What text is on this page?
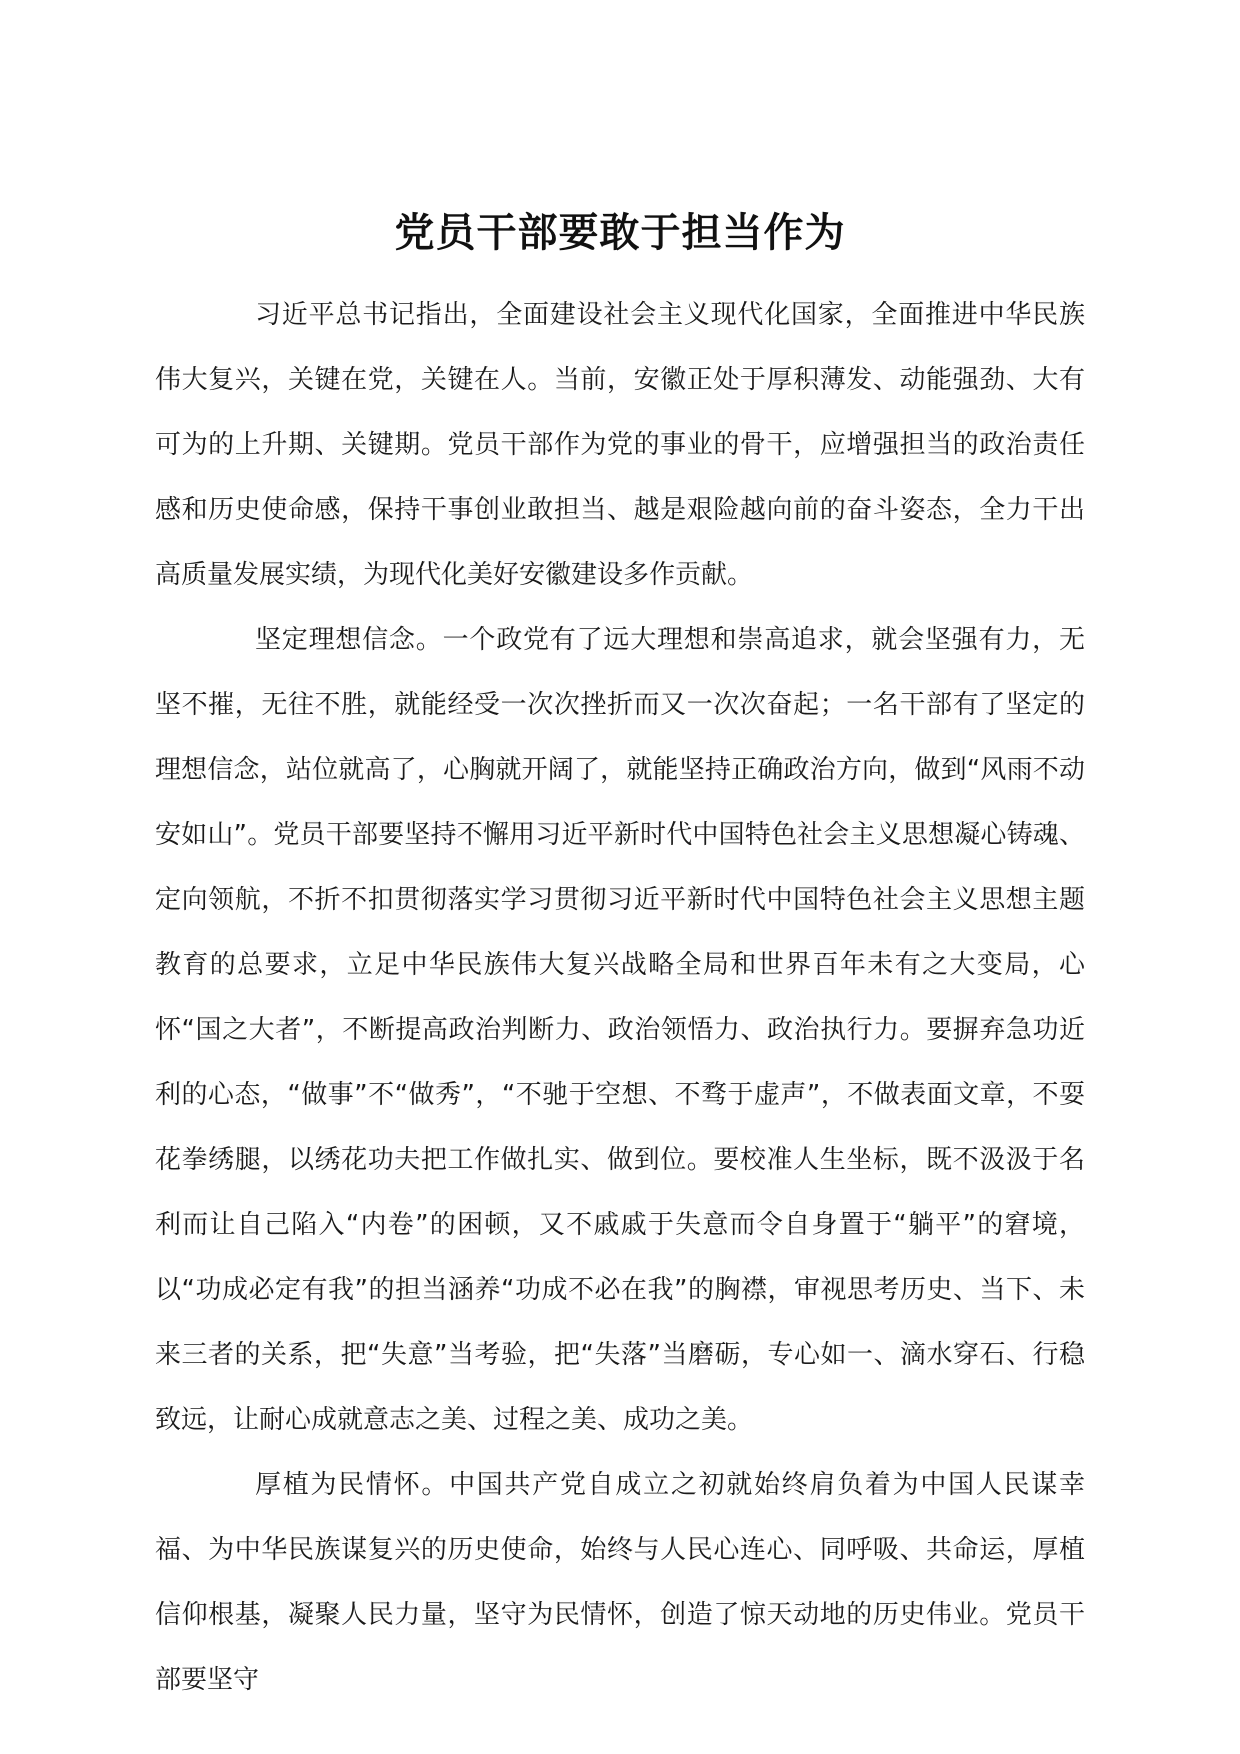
党员干部要敢于担当作为

习近平总书记指出，全面建设社会主义现代化国家，全面推进中华民族伟大复兴，关键在党，关键在人。当前，安徽正处于厚积薄发、动能强劲、大有可为的上升期、关键期。党员干部作为党的事业的骨干，应增强担当的政治责任感和历史使命感，保持干事创业敢担当、越是艰险越向前的奋斗姿态，全力干出高质量发展实绩，为现代化美好安徽建设多作贡献。

坚定理想信念。一个政党有了远大理想和崇高追求，就会坚强有力，无坚不摧，无往不胜，就能经受一次次挫折而又一次次奋起；一名干部有了坚定的理想信念，站位就高了，心胸就开阔了，就能坚持正确政治方向，做到“风雨不动安如山”。党员干部要坚持不懈用习近平新时代中国特色社会主义思想凝心铸魂、定向领航，不折不扣贯彻落实学习贯彻习近平新时代中国特色社会主义思想主题教育的总要求，立足中华民族伟大复兴战略全局和世界百年未有之大变局，心怀“国之大者”，不断提高政治判断力、政治领悟力、政治执行力。要摒弃急功近利的心态，“做事”不“做秀”，“不驰于空想、不骛于虚声”，不做表面文章，不耍花拳绣腿，以绣花功夫把工作做扎实、做到位。要校准人生坐标，既不汲汲于名利而让自己陷入“内卷”的困顿，又不戚戚于失意而令自身置于“躺平”的窘境，以“功成必定有我”的担当涵养“功成不必在我”的胸襟，审视思考历史、当下、未来三者的关系，把“失意”当考验，把“失落”当磨砺，专心如一、滴水穿石、行稳致远，让耐心成就意志之美、过程之美、成功之美。

厚植为民情怀。中国共产党自成立之初就始终肩负着为中国人民谋幸福、为中华民族谋复兴的历史使命，始终与人民心连心、同呼吸、共命运，厚植信仰根基，凝聚人民力量，坚守为民情怀，创造了惊天动地的历史伟业。党员干部要坚守
